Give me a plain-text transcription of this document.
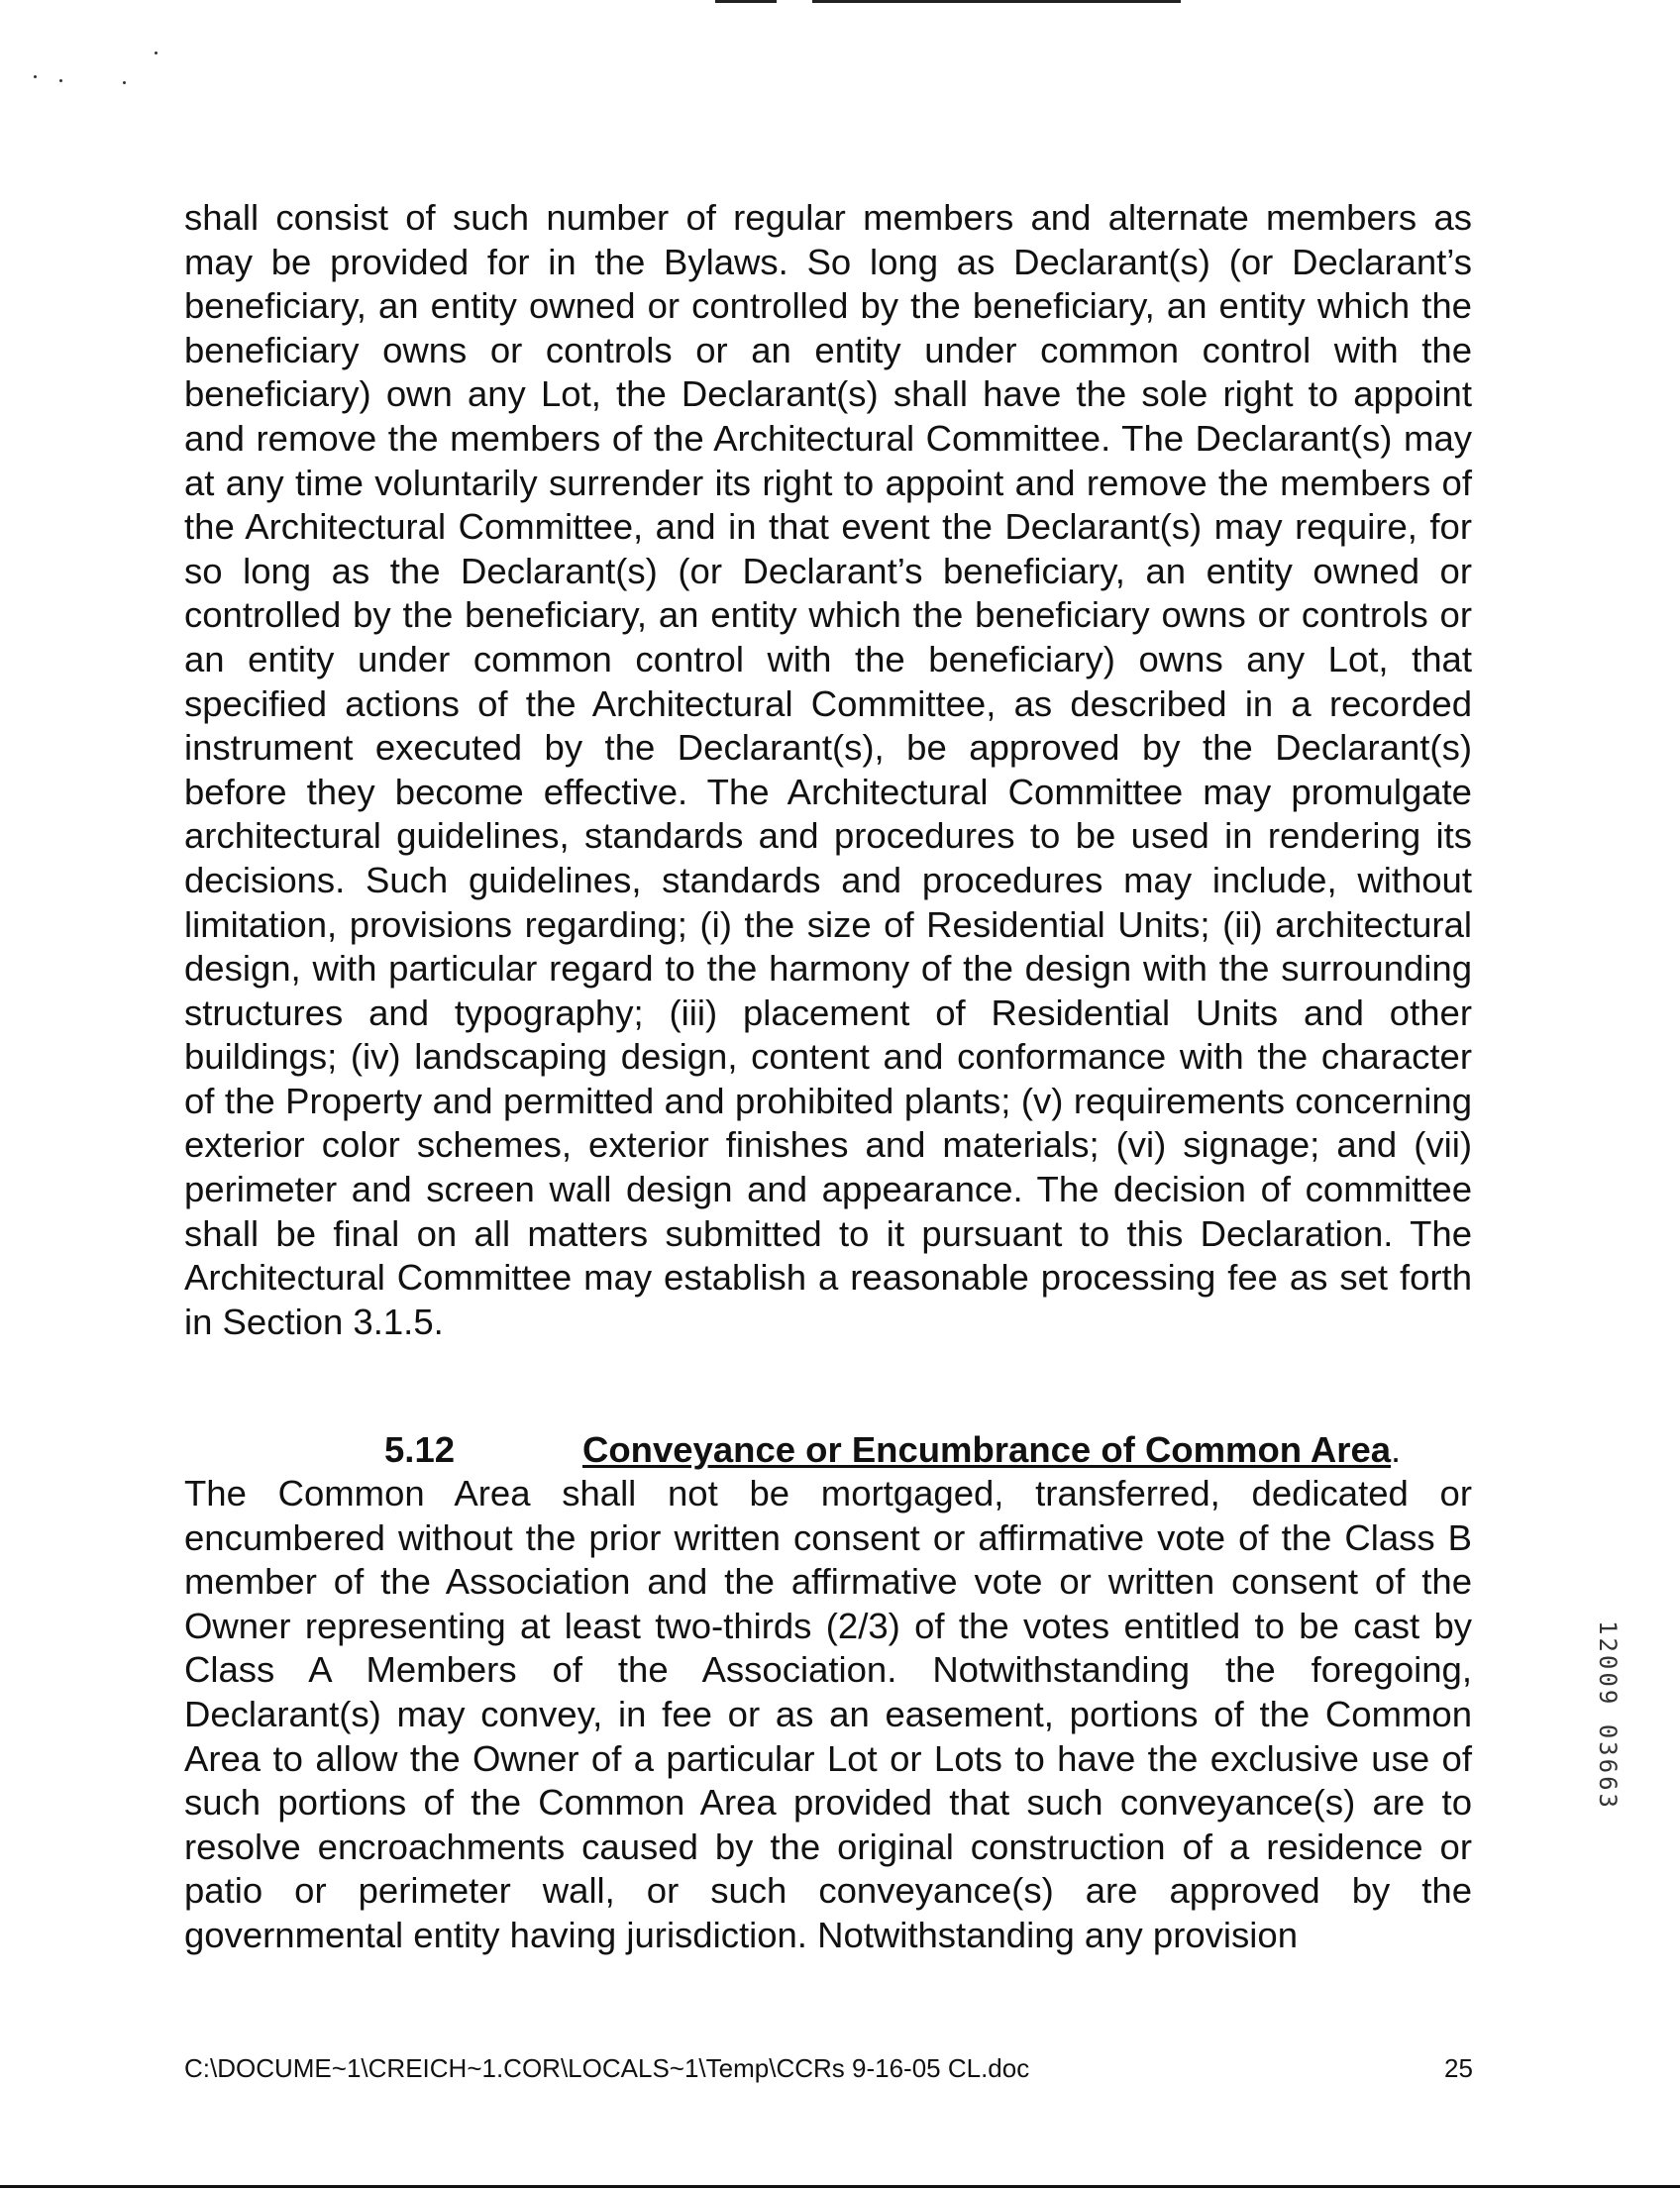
shall consist of such number of regular members and alternate members as may be provided for in the Bylaws. So long as Declarant(s) (or Declarant’s beneficiary, an entity owned or controlled by the beneficiary, an entity which the beneficiary owns or controls or an entity under common control with the beneficiary) own any Lot, the Declarant(s) shall have the sole right to appoint and remove the members of the Architectural Committee. The Declarant(s) may at any time voluntarily surrender its right to appoint and remove the members of the Architectural Committee, and in that event the Declarant(s) may require, for so long as the Declarant(s) (or Declarant’s beneficiary, an entity owned or controlled by the beneficiary, an entity which the beneficiary owns or controls or an entity under common control with the beneficiary) owns any Lot, that specified actions of the Architectural Committee, as described in a recorded instrument executed by the Declarant(s), be approved by the Declarant(s) before they become effective. The Architectural Committee may promulgate architectural guidelines, standards and procedures to be used in rendering its decisions. Such guidelines, standards and procedures may include, without limitation, provisions regarding; (i) the size of Residential Units; (ii) architectural design, with particular regard to the harmony of the design with the surrounding structures and typography; (iii) placement of Residential Units and other buildings; (iv) landscaping design, content and conformance with the character of the Property and permitted and prohibited plants; (v) requirements concerning exterior color schemes, exterior finishes and materials; (vi) signage; and (vii) perimeter and screen wall design and appearance. The decision of committee shall be final on all matters submitted to it pursuant to this Declaration. The Architectural Committee may establish a reasonable processing fee as set forth in Section 3.1.5.

5.12	Conveyance or Encumbrance of Common Area .

The Common Area shall not be mortgaged, transferred, dedicated or encumbered without the prior written consent or affirmative vote of the Class B member of the Association and the affirmative vote or written consent of the Owner representing at least two-thirds (2/3) of the votes entitled to be cast by Class A Members of the Association. Notwithstanding the foregoing, Declarant(s) may convey, in fee or as an easement, portions of the Common Area to allow the Owner of a particular Lot or Lots to have the exclusive use of such portions of the Common Area provided that such conveyance(s) are to resolve encroachments caused by the original construction of a residence or patio or perimeter wall, or such conveyance(s) are approved by the governmental entity having jurisdiction. Notwithstanding any provision

12009 03663

C:\DOCUME~1\CREICH~1.COR\LOCALS~1\Temp\CCRs 9-16-05 CL.doc	25
